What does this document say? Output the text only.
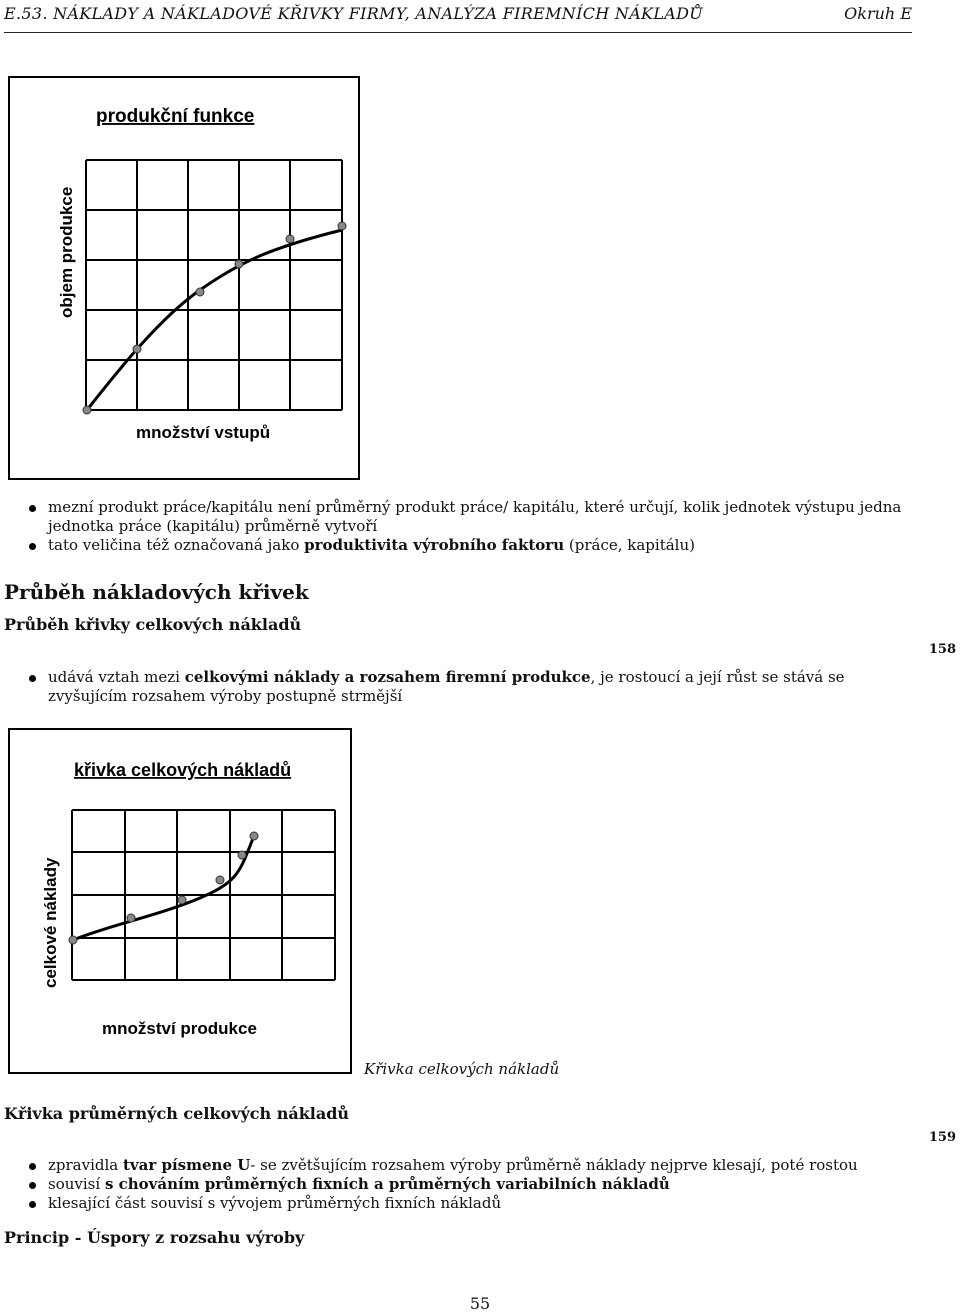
E.53. NÁKLADY A NÁKLADOVÉ KŘIVKY FIRMY, ANALÝZA FIREMNÍCH NÁKLADŮ	Okruh E
produkční funkce
objem produkce
množství vstupů
mezní produkt práce/kapitálu není průměrný produkt práce/ kapitálu, které určují, kolik jednotek výstupu jedna jednotka práce (kapitálu) průměrně vytvoří
tato veličina též označovaná jako produktivita výrobního faktoru (práce, kapitálu)
Průběh nákladových křivek
Průběh křivky celkových nákladů
158
udává vztah mezi celkovými náklady a rozsahem firemní produkce, je rostoucí a její růst se stává se zvyšujícím rozsahem výroby postupně strmější
křivka celkových nákladů
celkové náklady
množství produkce
Křivka celkových nákladů
Křivka průměrných celkových nákladů
159
zpravidla tvar písmene U- se zvětšujícím rozsahem výroby průměrně náklady nejprve klesají, poté rostou
souvisí s chováním průměrných fixních a průměrných variabilních nákladů
klesající část souvisí s vývojem průměrných fixních nákladů
Princip - Úspory z rozsahu výroby
55
